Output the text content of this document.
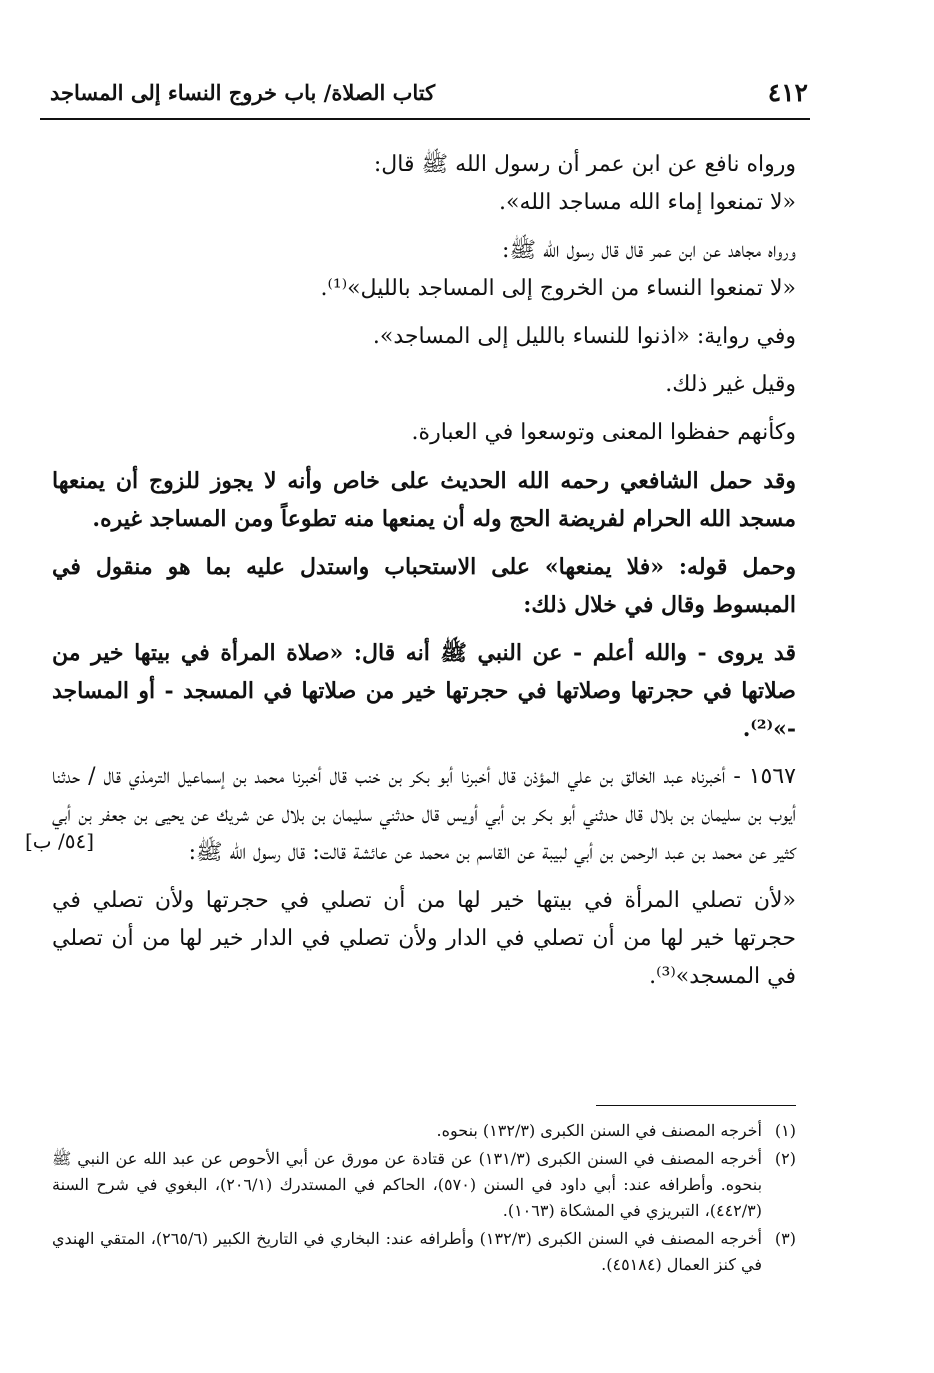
٤١٢
كتاب الصلاة/ باب خروج النساء إلى المساجد

ورواه نافع عن ابن عمر أن رسول الله ﷺ قال:

«لا تمنعوا إماء الله مساجد الله».

ورواه مجاهد عن ابن عمر قال قال رسول الله ﷺ:

«لا تمنعوا النساء من الخروج إلى المساجد بالليل»⁽¹⁾.

وفي رواية: «اذنوا للنساء بالليل إلى المساجد».

وقيل غير ذلك.

وكأنهم حفظوا المعنى وتوسعوا في العبارة.

وقد حمل الشافعي رحمه الله الحديث على خاص وأنه لا يجوز للزوج أن يمنعها مسجد الله الحرام لفريضة الحج وله أن يمنعها منه تطوعاً ومن المساجد غيره.

وحمل قوله: «فلا يمنعها» على الاستحباب واستدل عليه بما هو منقول في المبسوط وقال في خلال ذلك:

قد يروى - والله أعلم - عن النبي ﷺ أنه قال: «صلاة المرأة في بيتها خير من صلاتها في حجرتها وصلاتها في حجرتها خير من صلاتها في المسجد - أو المساجد -»⁽²⁾.

١٥٦٧ - أخبرناه عبد الخالق بن علي المؤذن قال أخبرنا أبو بكر بن خنب قال أخبرنا محمد بن إسماعيل الترمذي قال / حدثنا أيوب بن سليمان بن بلال قال حدثني أبو بكر بن أبي أويس قال حدثني سليمان بن بلال عن شريك عن يحيى بن جعفر بن أبي كثير عن محمد بن عبد الرحمن بن أبي لبيبة عن القاسم بن محمد عن عائشة قالت: قال رسول الله ﷺ:

«لأن تصلي المرأة في بيتها خير لها من أن تصلي في حجرتها ولأن تصلي في حجرتها خير لها من أن تصلي في الدار ولأن تصلي في الدار خير لها من أن تصلي في المسجد»⁽³⁾.

[٥٤/ ب]
(١)
أخرجه المصنف في السنن الكبرى (١٣٢/٣) بنحوه.
(٢)
أخرجه المصنف في السنن الكبرى (١٣١/٣) عن قتادة عن مورق عن أبي الأحوص عن عبد الله عن النبي ﷺ بنحوه. وأطرافه عند: أبي داود في السنن (٥٧٠)، الحاكم في المستدرك (٢٠٦/١)، البغوي في شرح السنة (٤٤٢/٣)، التبريزي في المشكاة (١٠٦٣).
(٣)
أخرجه المصنف في السنن الكبرى (١٣٢/٣) وأطرافه عند: البخاري في التاريخ الكبير (٢٦٥/٦)، المتقي الهندي في كنز العمال (٤٥١٨٤).
